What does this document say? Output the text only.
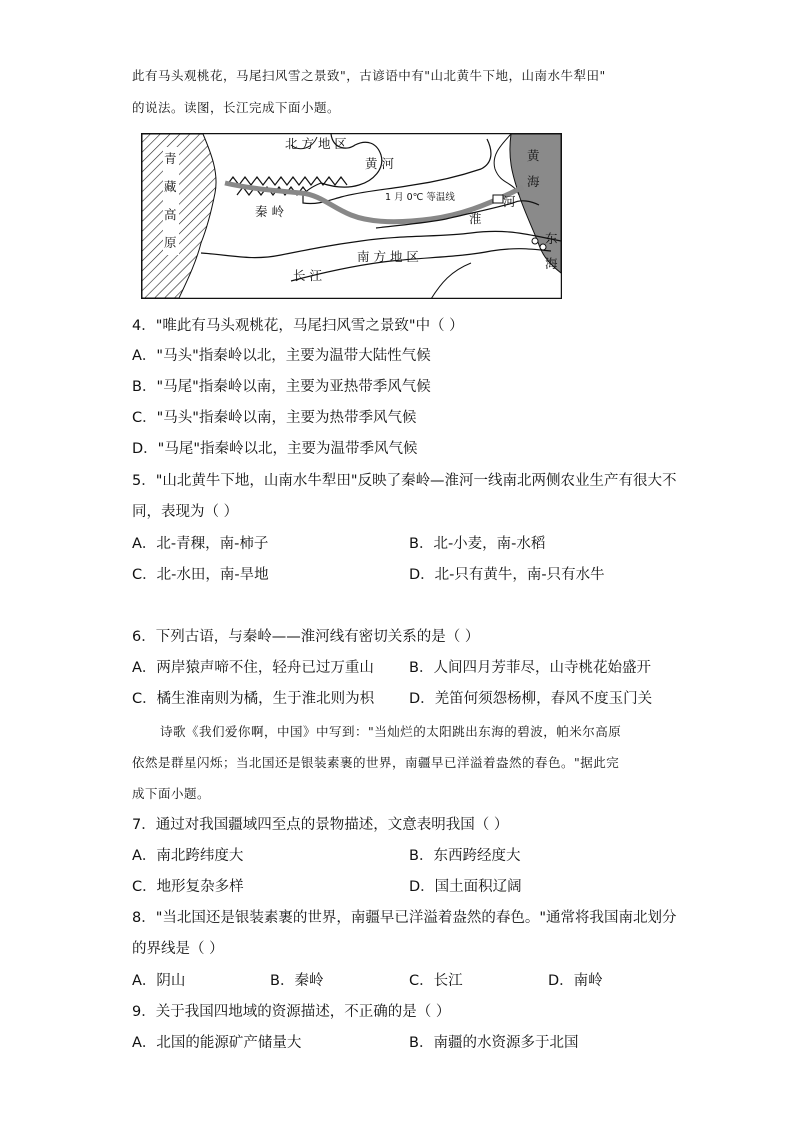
此有马头观桃花，马尾扫风雪之景致"，古谚语中有"山北黄牛下地，山南水牛犁田"
的说法。读图，长江完成下面小题。
北 方 地 区
黄 河
1 月 0℃ 等温线
秦 岭	淮
河
黄
海
东
海
南 方 地 区
长 江
青
藏
高
原
4．"唯此有马头观桃花，马尾扫风雪之景致"中（ ）
A．"马头"指秦岭以北，主要为温带大陆性气候
B．"马尾"指秦岭以南，主要为亚热带季风气候
C．"马头"指秦岭以南，主要为热带季风气候
D．"马尾"指秦岭以北，主要为温带季风气候
5．"山北黄牛下地，山南水牛犁田"反映了秦岭—淮河一线南北两侧农业生产有很大不
同，表现为（ ）
A．北-青稞，南-柿子	B．北-小麦，南-水稻
C．北-水田，南-旱地	D．北-只有黄牛，南-只有水牛
6．下列古语，与秦岭——淮河线有密切关系的是（ ）
A．两岸猿声啼不住，轻舟已过万重山 B．人间四月芳菲尽，山寺桃花始盛开
C．橘生淮南则为橘，生于淮北则为枳 D．羌笛何须怨杨柳，春风不度玉门关
诗歌《我们爱你啊，中国》中写到："当灿烂的太阳跳出东海的碧波，帕米尔高原
依然是群星闪烁；当北国还是银装素裹的世界，南疆早已洋溢着盎然的春色。"据此完
成下面小题。
7．通过对我国疆域四至点的景物描述，文意表明我国（ ）
A．南北跨纬度大	B．东西跨经度大
C．地形复杂多样	D．国土面积辽阔
8．"当北国还是银装素裹的世界，南疆早已洋溢着盎然的春色。"通常将我国南北划分
的界线是（ ）
A．阴山	B．秦岭	C．长江	D．南岭
9．关于我国四地域的资源描述，不正确的是（ ）
A．北国的能源矿产储量大	B．南疆的水资源多于北国
